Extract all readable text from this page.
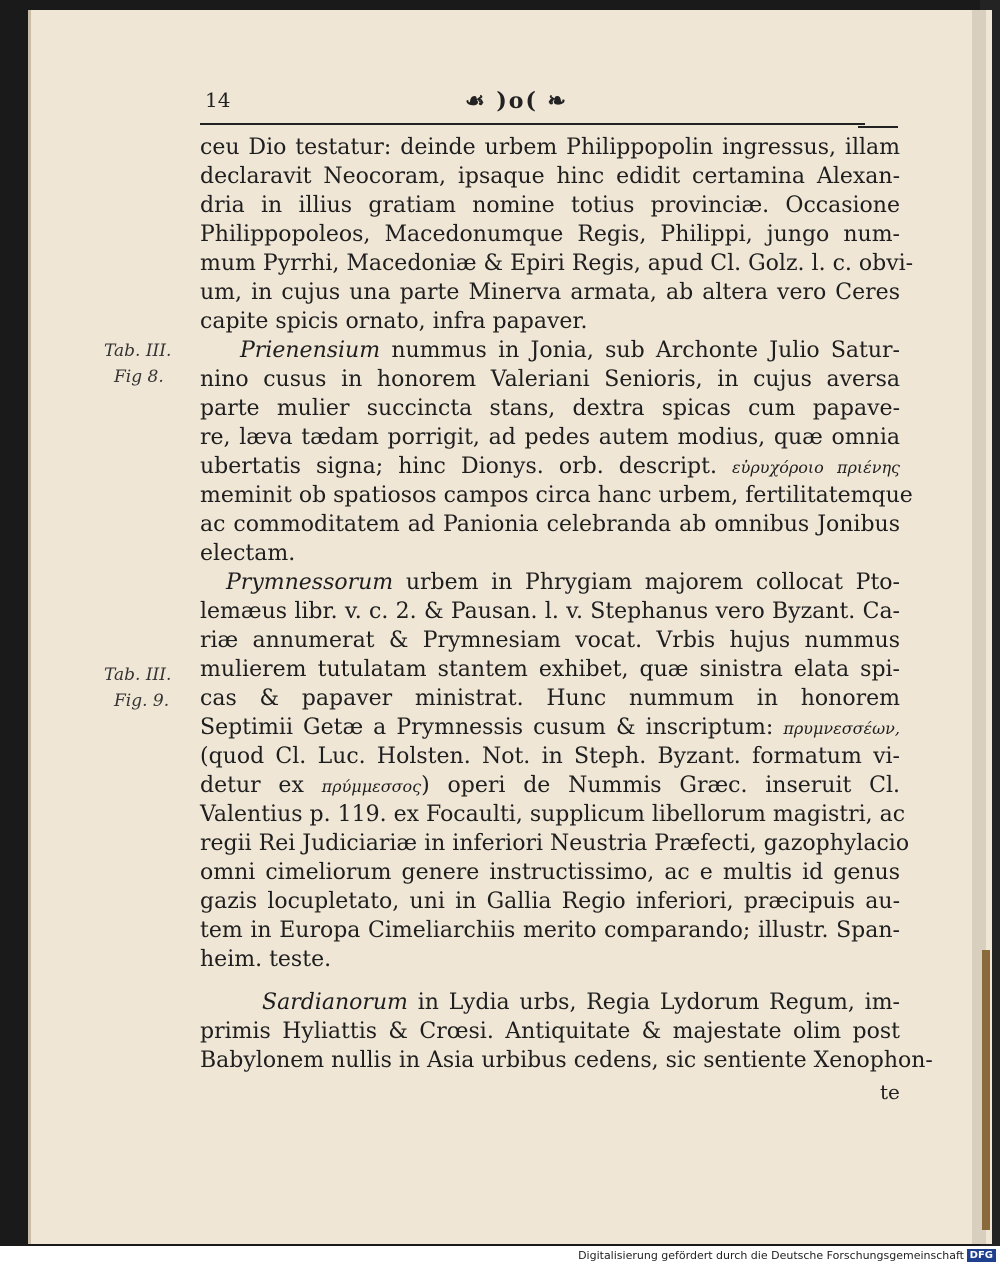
14	☙ )o( ❧
Tab. III.
Fig 8.
Tab. III.
Fig. 9.
ceu Dio testatur: deinde urbem Philippopolin ingressus, illam
declaravit Neocoram, ipsaque hinc edidit certamina Alexan-
dria in illius gratiam nomine totius provinciæ. Occasione
Philippopoleos, Macedonumque Regis, Philippi, jungo num-
mum Pyrrhi, Macedoniæ & Epiri Regis, apud Cl. Golz. l. c. obvi-
um, in cujus una parte Minerva armata, ab altera vero Ceres
capite spicis ornato, infra papaver.
Prienensium nummus in Jonia, sub Archonte Julio Satur-
nino cusus in honorem Valeriani Senioris, in cujus aversa
parte mulier succincta stans, dextra spicas cum papave-
re, læva tædam porrigit, ad pedes autem modius, quæ omnia
ubertatis signa; hinc Dionys. orb. descript. εὐρυχόροιο πριένης
meminit ob spatiosos campos circa hanc urbem, fertilitatemque
ac commoditatem ad Panionia celebranda ab omnibus Jonibus
electam.
Prymnessorum urbem in Phrygiam majorem collocat Pto-
lemæus libr. v. c. 2. & Pausan. l. v. Stephanus vero Byzant. Ca-
riæ annumerat & Prymnesiam vocat. Vrbis hujus nummus
mulierem tutulatam stantem exhibet, quæ sinistra elata spi-
cas & papaver ministrat. Hunc nummum in honorem
Septimii Getæ a Prymnessis cusum & inscriptum: πρυμνεσσέων,
(quod Cl. Luc. Holsten. Not. in Steph. Byzant. formatum vi-
detur ex πρύμμεσσος) operi de Nummis Græc. inseruit Cl.
Valentius p. 119. ex Focaulti, supplicum libellorum magistri, ac
regii Rei Judiciariæ in inferiori Neustria Præfecti, gazophylacio
omni cimeliorum genere instructissimo, ac e multis id genus
gazis locupletato, uni in Gallia Regio inferiori, præcipuis au-
tem in Europa Cimeliarchiis merito comparando; illustr. Span-
heim. teste.
Sardianorum in Lydia urbs, Regia Lydorum Regum, im-
primis Hyliattis & Crœsi. Antiquitate & majestate olim post
Babylonem nullis in Asia urbibus cedens, sic sentiente Xenophon-
te
Digitalisierung gefördert durch die Deutsche Forschungsgemeinschaft DFG
